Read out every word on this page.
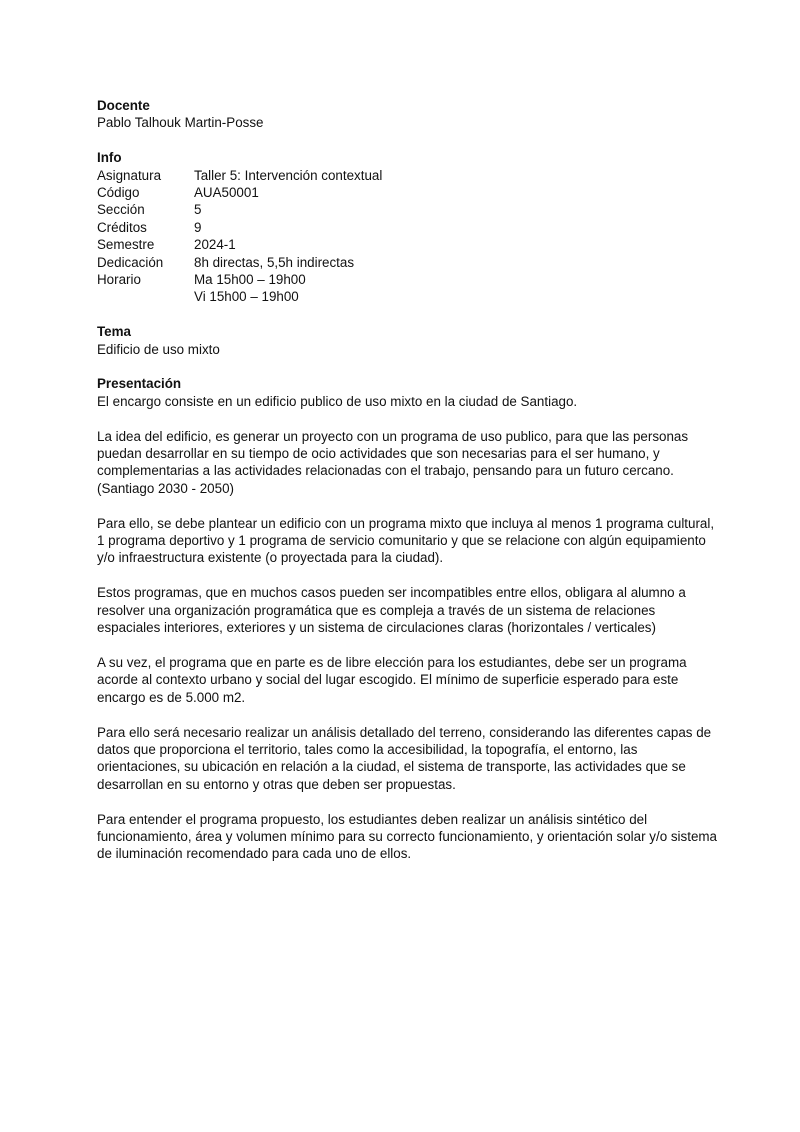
Docente
Pablo Talhouk Martin-Posse
Info
Asignatura	Taller 5: Intervención contextual
Código	AUA50001
Sección	5
Créditos	9
Semestre	2024-1
Dedicación	8h directas, 5,5h indirectas
Horario	Ma 15h00 – 19h00
Vi 15h00 – 19h00
Tema
Edificio de uso mixto
Presentación

El encargo consiste en un edificio publico de uso mixto en la ciudad de Santiago.

La idea del edificio, es generar un proyecto con un programa de uso publico, para que las personas puedan desarrollar en su tiempo de ocio actividades que son necesarias para el ser humano, y complementarias a las actividades relacionadas con el trabajo, pensando para un futuro cercano. (Santiago 2030 - 2050)

Para ello, se debe plantear un edificio con un programa mixto que incluya al menos 1 programa cultural, 1 programa deportivo y 1 programa de servicio comunitario y que se relacione con algún equipamiento y/o infraestructura existente (o proyectada para la ciudad).

Estos programas, que en muchos casos pueden ser incompatibles entre ellos, obligara al alumno a resolver una organización programática que es compleja a través de un sistema de relaciones espaciales interiores, exteriores y un sistema de circulaciones claras (horizontales / verticales)

A su vez, el programa que en parte es de libre elección para los estudiantes, debe ser un programa acorde al contexto urbano y social del lugar escogido. El mínimo de superficie esperado para este encargo es de 5.000 m2.

Para ello será necesario realizar un análisis detallado del terreno, considerando las diferentes capas de datos que proporciona el territorio, tales como la accesibilidad, la topografía, el entorno, las orientaciones, su ubicación en relación a la ciudad, el sistema de transporte, las actividades que se desarrollan en su entorno y otras que deben ser propuestas.

Para entender el programa propuesto, los estudiantes deben realizar un análisis sintético del funcionamiento, área y volumen mínimo para su correcto funcionamiento, y orientación solar y/o sistema de iluminación recomendado para cada uno de ellos.
